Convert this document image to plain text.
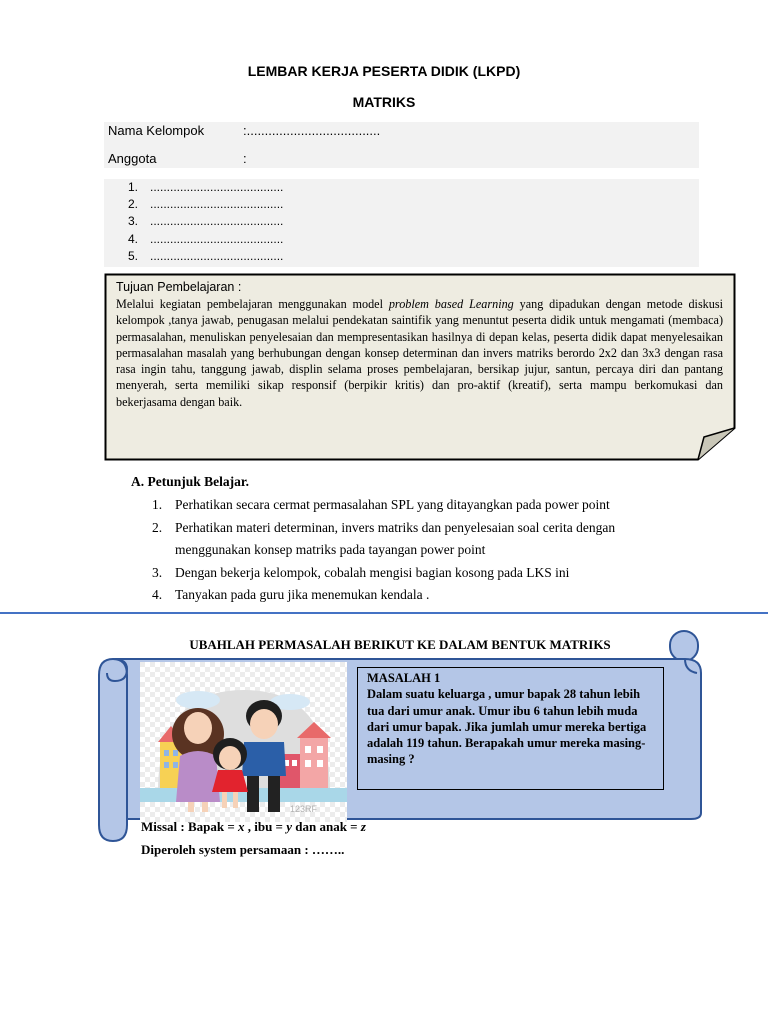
LEMBAR KERJA PESERTA DIDIK (LKPD)
MATRIKS
Nama Kelompok	:.....................................
Anggota	:
1. ........................................
2. ........................................
3. ........................................
4. ........................................
5. ........................................
Tujuan Pembelajaran :
Melalui kegiatan pembelajaran menggunakan model problem based Learning yang dipadukan dengan metode diskusi kelompok ,tanya jawab, penugasan melalui pendekatan saintifik yang menuntut peserta didik untuk mengamati (membaca) permasalahan, menuliskan penyelesaian dan mempresentasikan hasilnya di depan kelas, peserta didik dapat menyelesaikan permasalahan masalah yang berhubungan dengan konsep determinan dan invers matriks berordo 2x2 dan 3x3 dengan rasa rasa ingin tahu, tanggung jawab, displin selama proses pembelajaran, bersikap jujur, santun, percaya diri dan pantang menyerah, serta memiliki sikap responsif (berpikir kritis) dan pro-aktif (kreatif), serta mampu berkomukasi dan bekerjasama dengan baik.
A. Petunjuk Belajar.
1. Perhatikan secara cermat permasalahan SPL yang ditayangkan pada power point
2. Perhatikan materi determinan, invers matriks dan penyelesaian soal cerita dengan
menggunakan konsep matriks pada tayangan power point
3. Dengan bekerja kelompok, cobalah mengisi bagian kosong pada LKS ini
4. Tanyakan pada guru jika menemukan kendala .
UBAHLAH PERMASALAH BERIKUT KE DALAM BENTUK MATRIKS
123RF
MASALAH 1
Dalam suatu keluarga , umur bapak 28 tahun lebih tua dari umur anak. Umur ibu 6 tahun lebih muda dari umur bapak. Jika jumlah umur mereka bertiga adalah 119 tahun. Berapakah umur mereka masing-masing ?
Missal : Bapak = x , ibu = y dan anak = z
Diperoleh system persamaan : ……..
